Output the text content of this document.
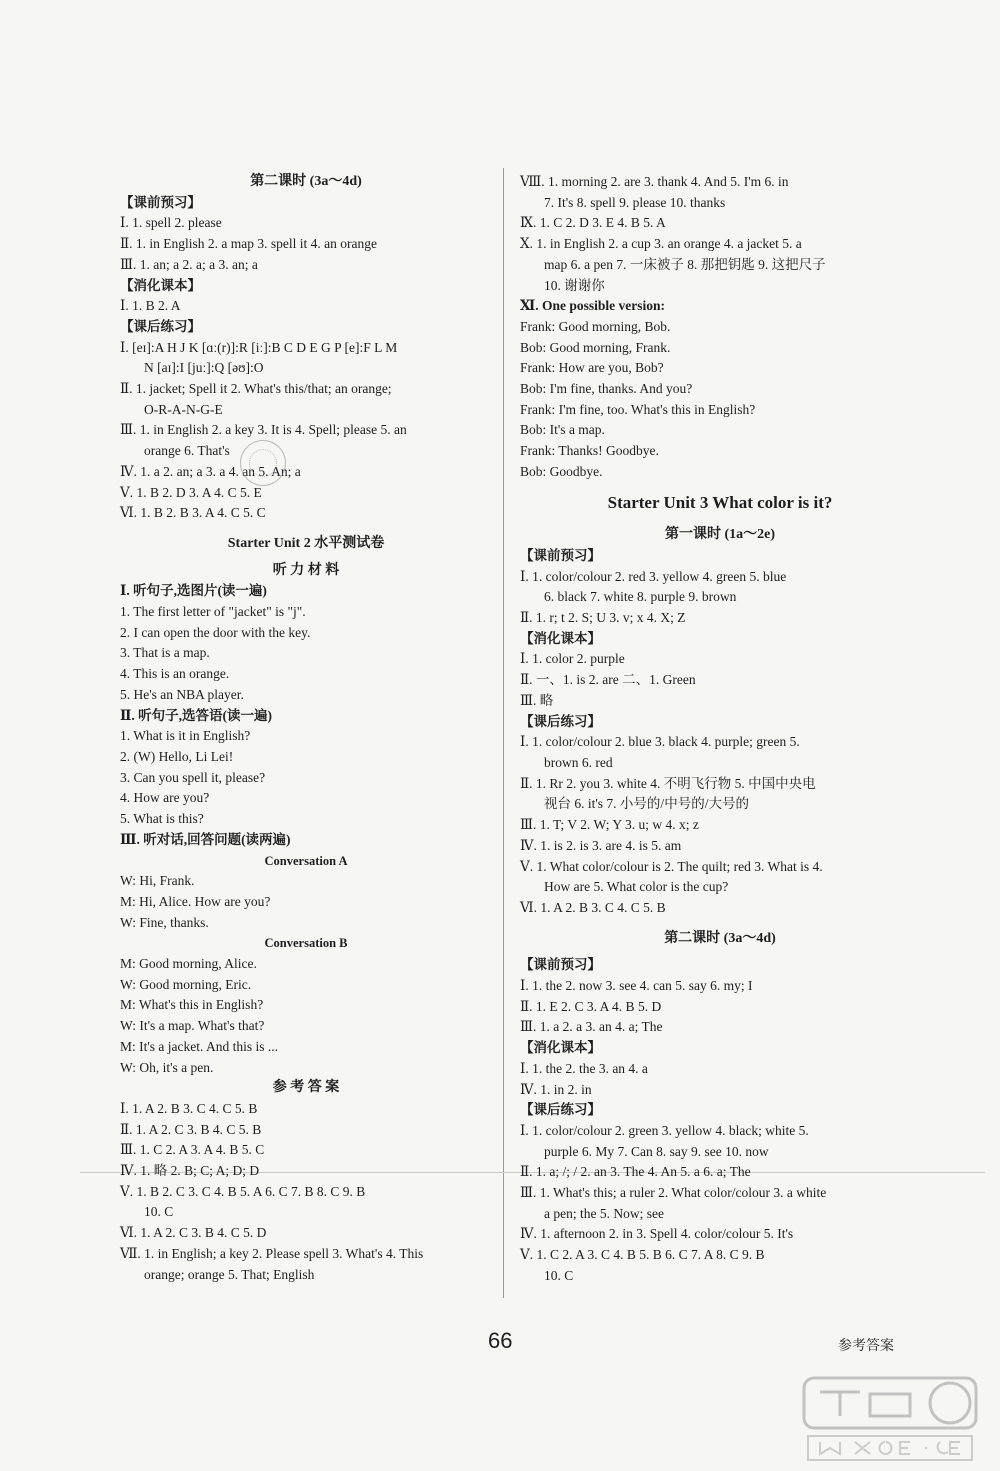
第二课时 (3a～4d)
【课前预习】
Ⅰ. 1. spell 2. please
Ⅱ. 1. in English 2. a map 3. spell it 4. an orange
Ⅲ. 1. an; a 2. a; a 3. an; a
【消化课本】
Ⅰ. 1. B 2. A
【课后练习】
Ⅰ. [eɪ]:A H J K [ɑː(r)]:R [iː]:B C D E G P [e]:F L M
N [aɪ]:I [juː]:Q [əʊ]:O
Ⅱ. 1. jacket; Spell it 2. What's this/that; an orange;
O-R-A-N-G-E
Ⅲ. 1. in English 2. a key 3. It is 4. Spell; please 5. an
orange 6. That's
Ⅳ. 1. a 2. an; a 3. a 4. an 5. An; a
Ⅴ. 1. B 2. D 3. A 4. C 5. E
Ⅵ. 1. B 2. B 3. A 4. C 5. C
Starter Unit 2 水平测试卷
听 力 材 料
Ⅰ. 听句子,选图片(读一遍)
1. The first letter of "jacket" is "j".
2. I can open the door with the key.
3. That is a map.
4. This is an orange.
5. He's an NBA player.
Ⅱ. 听句子,选答语(读一遍)
1. What is it in English?
2. (W) Hello, Li Lei!
3. Can you spell it, please?
4. How are you?
5. What is this?
Ⅲ. 听对话,回答问题(读两遍)
Conversation A
W: Hi, Frank.
M: Hi, Alice. How are you?
W: Fine, thanks.
Conversation B
M: Good morning, Alice.
W: Good morning, Eric.
M: What's this in English?
W: It's a map. What's that?
M: It's a jacket. And this is ...
W: Oh, it's a pen.
参 考 答 案
Ⅰ. 1. A 2. B 3. C 4. C 5. B
Ⅱ. 1. A 2. C 3. B 4. C 5. B
Ⅲ. 1. C 2. A 3. A 4. B 5. C
Ⅳ. 1. 略 2. B; C; A; D; D
Ⅴ. 1. B 2. C 3. C 4. B 5. A 6. C 7. B 8. C 9. B
10. C
Ⅵ. 1. A 2. C 3. B 4. C 5. D
Ⅶ. 1. in English; a key 2. Please spell 3. What's 4. This
orange; orange 5. That; English
Ⅷ. 1. morning 2. are 3. thank 4. And 5. I'm 6. in
7. It's 8. spell 9. please 10. thanks
Ⅸ. 1. C 2. D 3. E 4. B 5. A
Ⅹ. 1. in English 2. a cup 3. an orange 4. a jacket 5. a
map 6. a pen 7. 一床被子 8. 那把钥匙 9. 这把尺子
10. 谢谢你
Ⅺ. One possible version:
Frank: Good morning, Bob.
Bob: Good morning, Frank.
Frank: How are you, Bob?
Bob: I'm fine, thanks. And you?
Frank: I'm fine, too. What's this in English?
Bob: It's a map.
Frank: Thanks! Goodbye.
Bob: Goodbye.
Starter Unit 3 What color is it?
第一课时 (1a～2e)
【课前预习】
Ⅰ. 1. color/colour 2. red 3. yellow 4. green 5. blue
6. black 7. white 8. purple 9. brown
Ⅱ. 1. r; t 2. S; U 3. v; x 4. X; Z
【消化课本】
Ⅰ. 1. color 2. purple
Ⅱ. 一、1. is 2. are 二、1. Green
Ⅲ. 略
【课后练习】
Ⅰ. 1. color/colour 2. blue 3. black 4. purple; green 5.
brown 6. red
Ⅱ. 1. Rr 2. you 3. white 4. 不明飞行物 5. 中国中央电
视台 6. it's 7. 小号的/中号的/大号的
Ⅲ. 1. T; V 2. W; Y 3. u; w 4. x; z
Ⅳ. 1. is 2. is 3. are 4. is 5. am
Ⅴ. 1. What color/colour is 2. The quilt; red 3. What is 4.
How are 5. What color is the cup?
Ⅵ. 1. A 2. B 3. C 4. C 5. B
第二课时 (3a～4d)
【课前预习】
Ⅰ. 1. the 2. now 3. see 4. can 5. say 6. my; I
Ⅱ. 1. E 2. C 3. A 4. B 5. D
Ⅲ. 1. a 2. a 3. an 4. a; The
【消化课本】
Ⅰ. 1. the 2. the 3. an 4. a
Ⅳ. 1. in 2. in
【课后练习】
Ⅰ. 1. color/colour 2. green 3. yellow 4. black; white 5.
purple 6. My 7. Can 8. say 9. see 10. now
Ⅱ. 1. a; /; / 2. an 3. The 4. An 5. a 6. a; The
Ⅲ. 1. What's this; a ruler 2. What color/colour 3. a white
a pen; the 5. Now; see
Ⅳ. 1. afternoon 2. in 3. Spell 4. color/colour 5. It's
Ⅴ. 1. C 2. A 3. C 4. B 5. B 6. C 7. A 8. C 9. B
10. C
66	参考答案
